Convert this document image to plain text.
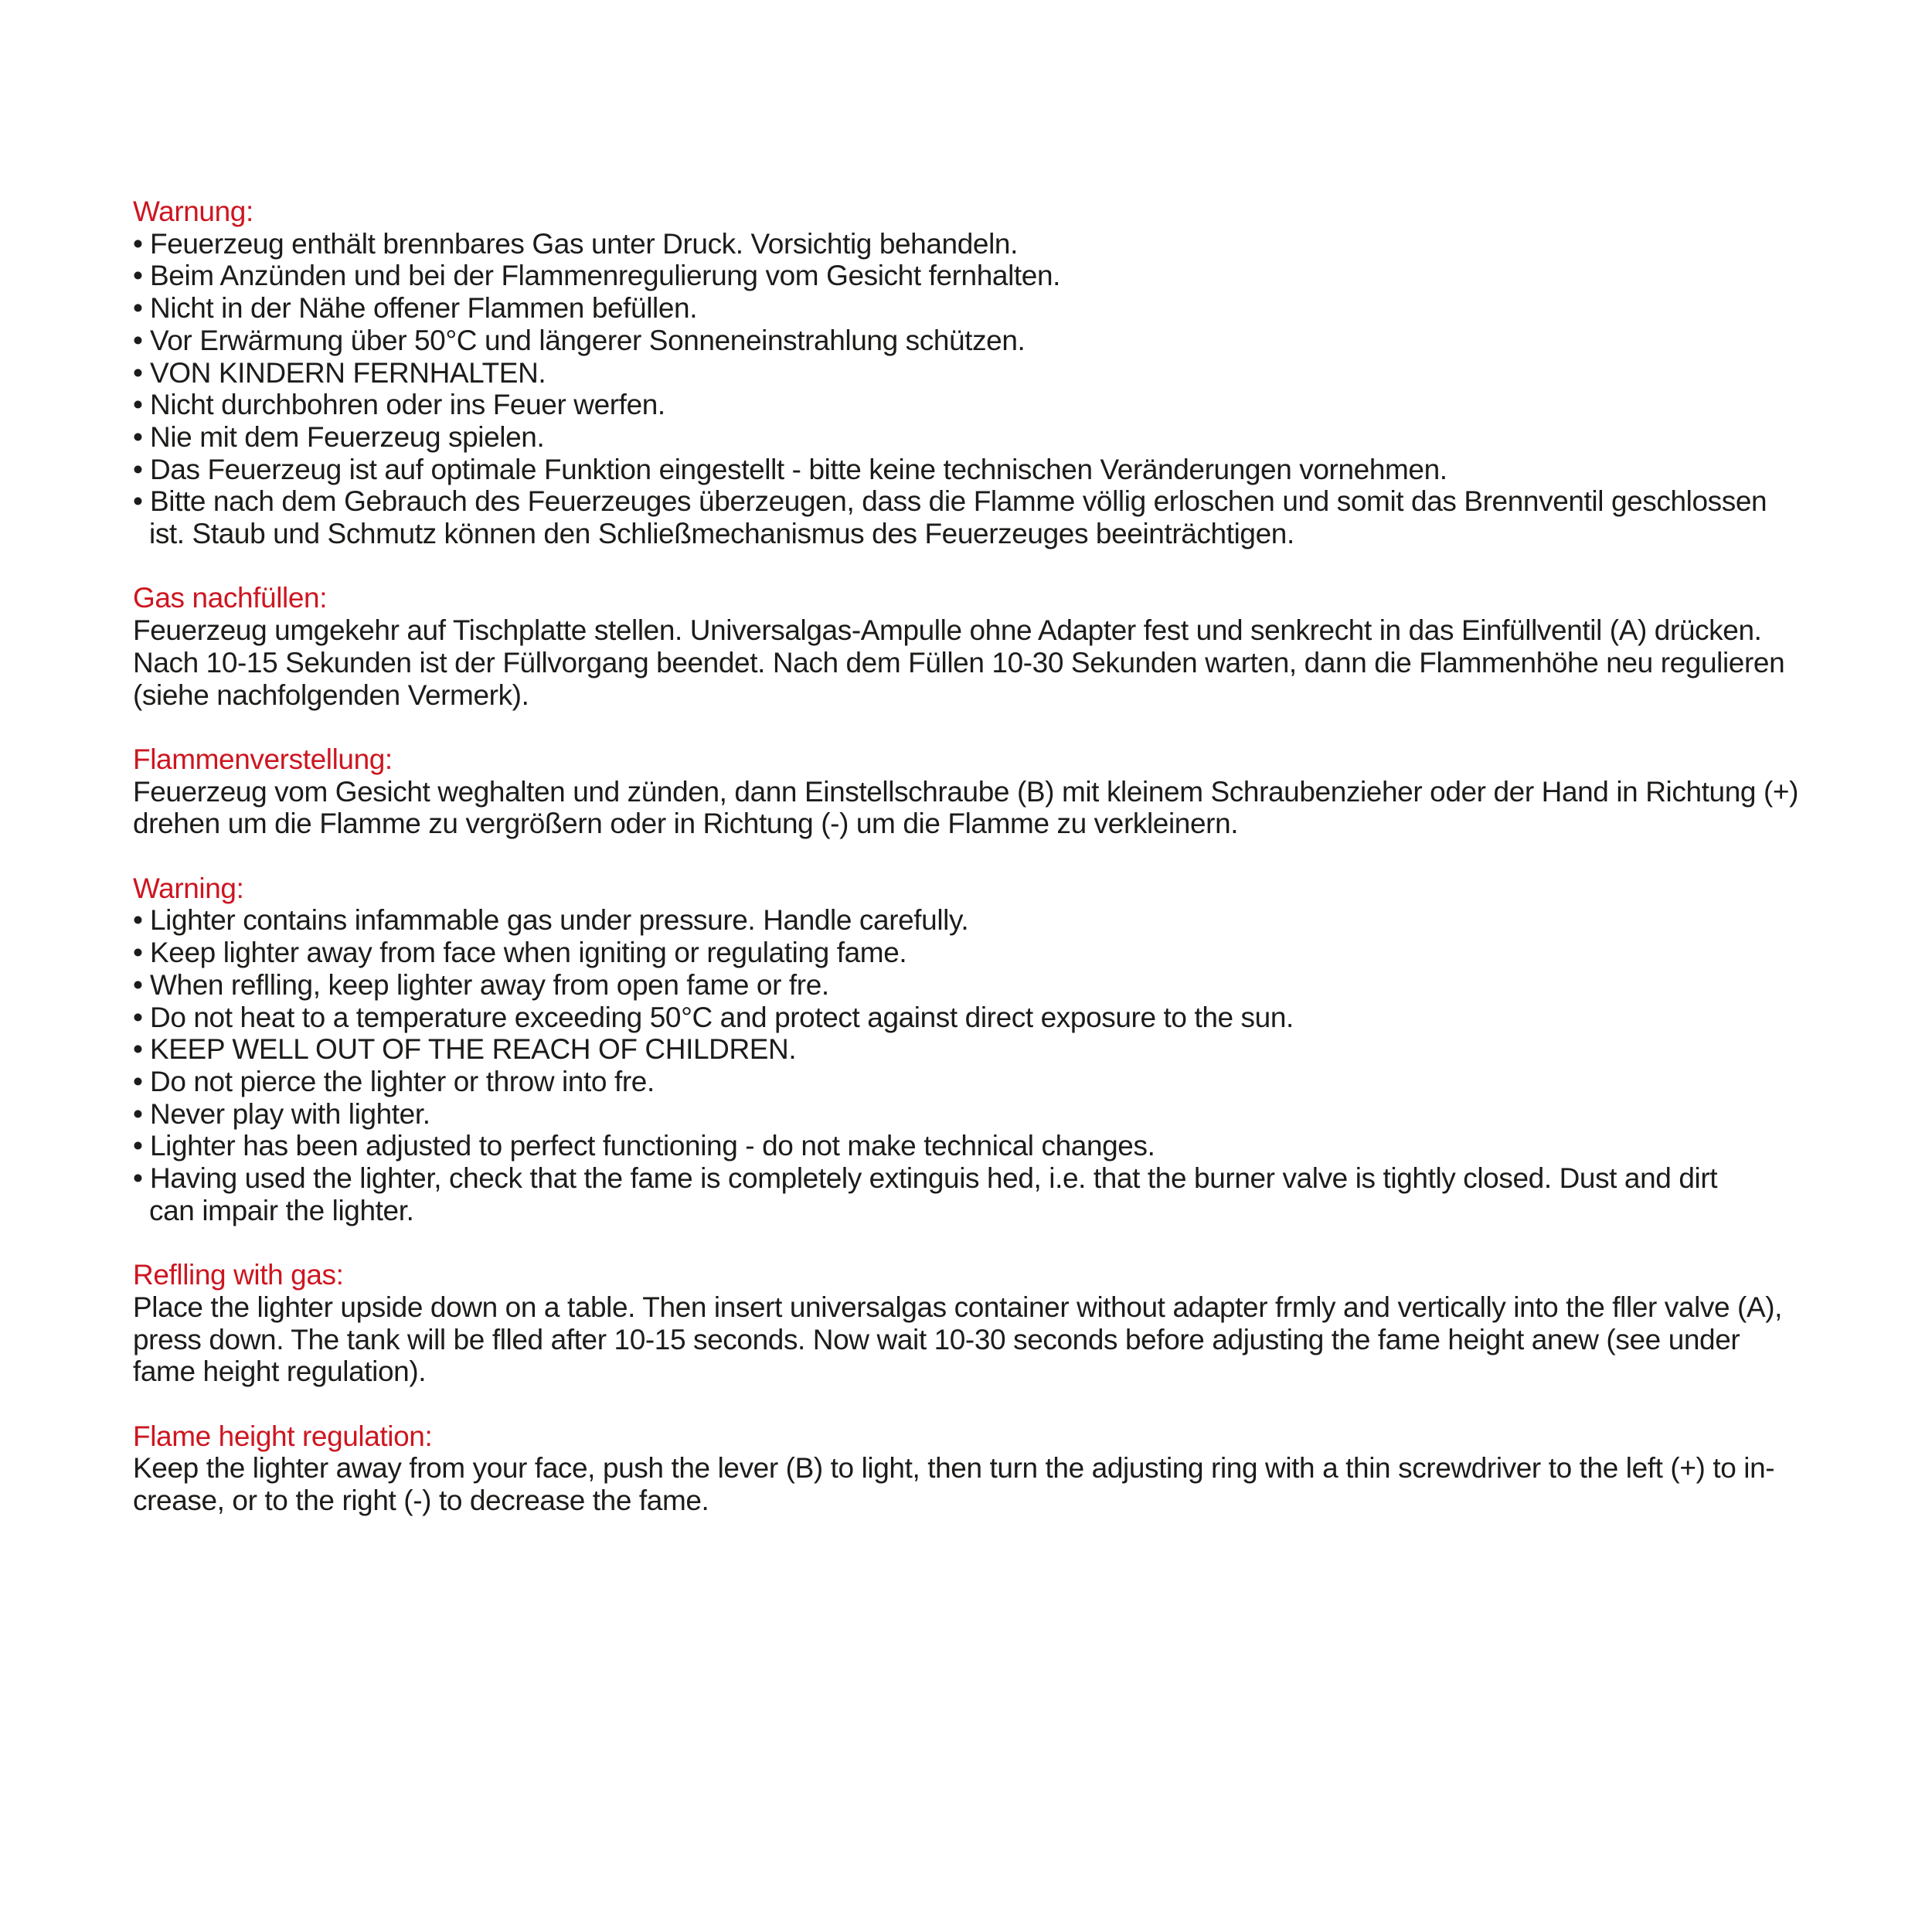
Warnung:
• Feuerzeug enthält brennbares Gas unter Druck. Vorsichtig behandeln.
• Beim Anzünden und bei der Flammenregulierung vom Gesicht fernhalten.
• Nicht in der Nähe offener Flammen befüllen.
• Vor Erwärmung über 50°C und längerer Sonneneinstrahlung schützen.
• VON KINDERN FERNHALTEN.
• Nicht durchbohren oder ins Feuer werfen.
• Nie mit dem Feuerzeug spielen.
• Das Feuerzeug ist auf optimale Funktion eingestellt - bitte keine technischen Veränderungen vornehmen.
• Bitte nach dem Gebrauch des Feuerzeuges überzeugen, dass die Flamme völlig erloschen und somit das Brennventil geschlossen
ist. Staub und Schmutz können den Schließmechanismus des Feuerzeuges beeinträchtigen.
Gas nachfüllen:
Feuerzeug umgekehr auf Tischplatte stellen. Universalgas-Ampulle ohne Adapter fest und senkrecht in das Einfüllventil (A) drücken.
Nach 10-15 Sekunden ist der Füllvorgang beendet. Nach dem Füllen 10-30 Sekunden warten, dann die Flammenhöhe neu regulieren
(siehe nachfolgenden Vermerk).
Flammenverstellung:
Feuerzeug vom Gesicht weghalten und zünden, dann Einstellschraube (B) mit kleinem Schraubenzieher oder der Hand in Richtung (+)
drehen um die Flamme zu vergrößern oder in Richtung (-) um die Flamme zu verkleinern.
Warning:
• Lighter contains infammable gas under pressure. Handle carefully.
• Keep lighter away from face when igniting or regulating fame.
• When reflling, keep lighter away from open fame or fre.
• Do not heat to a temperature exceeding 50°C and protect against direct exposure to the sun.
• KEEP WELL OUT OF THE REACH OF CHILDREN.
• Do not pierce the lighter or throw into fre.
• Never play with lighter.
• Lighter has been adjusted to perfect functioning - do not make technical changes.
• Having used the lighter, check that the fame is completely extinguis hed, i.e. that the burner valve is tightly closed. Dust and dirt
can impair the lighter.
Reflling with gas:
Place the lighter upside down on a table. Then insert universalgas container without adapter frmly and vertically into the fller valve (A),
press down. The tank will be flled after 10-15 seconds. Now wait 10-30 seconds before adjusting the fame height anew (see under
fame height regulation).
Flame height regulation:
Keep the lighter away from your face, push the lever (B) to light, then turn the adjusting ring with a thin screwdriver to the left (+) to in-
crease, or to the right (-) to decrease the fame.
